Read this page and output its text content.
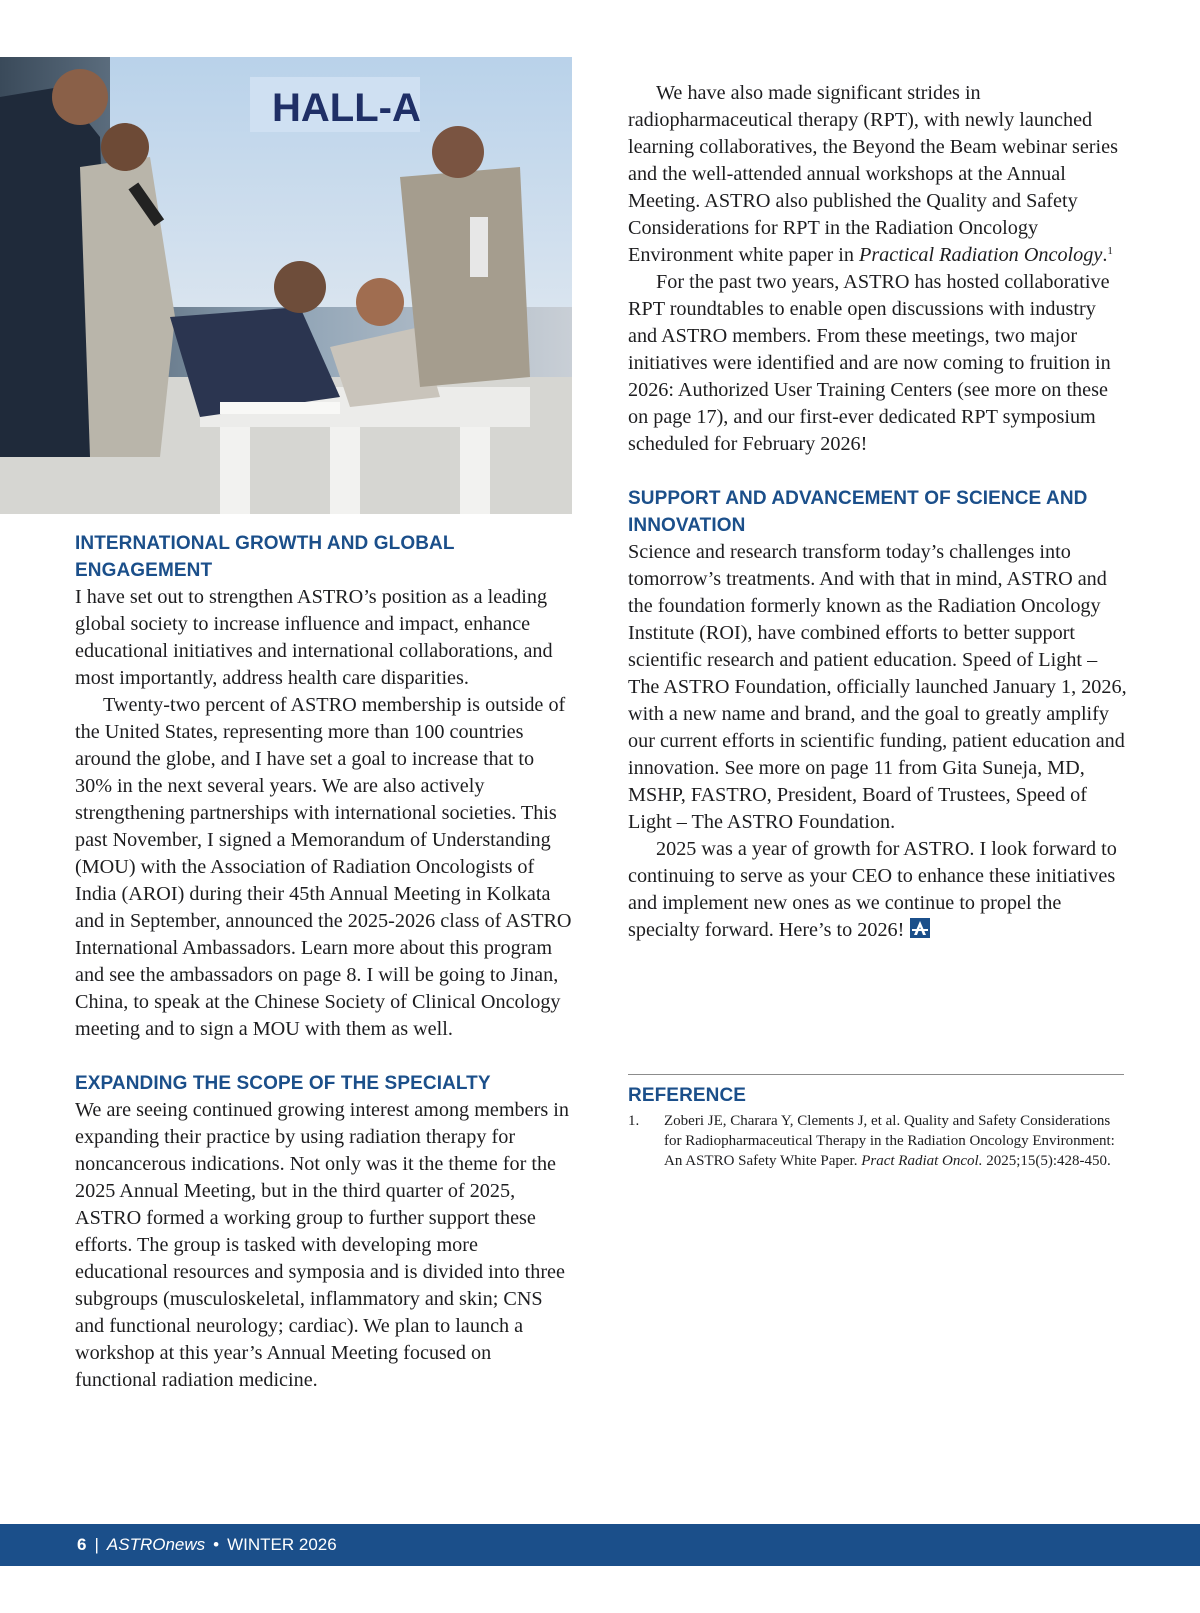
HALL-A
INTERNATIONAL GROWTH AND GLOBAL ENGAGEMENT

I have set out to strengthen ASTRO’s position as a leading global society to increase influence and impact, enhance educational initiatives and international collaborations, and most importantly, address health care disparities.

Twenty-two percent of ASTRO membership is outside of the United States, representing more than 100 countries around the globe, and I have set a goal to increase that to 30% in the next several years. We are also actively strengthening partnerships with international societies. This past November, I signed a Memorandum of Understanding (MOU) with the Association of Radiation Oncologists of India (AROI) during their 45th Annual Meeting in Kolkata and in September, announced the 2025-2026 class of ASTRO International Ambassadors. Learn more about this program and see the ambassadors on page 8. I will be going to Jinan, China, to speak at the Chinese Society of Clinical Oncology meeting and to sign a MOU with them as well.

EXPANDING THE SCOPE OF THE SPECIALTY

We are seeing continued growing interest among members in expanding their practice by using radiation therapy for noncancerous indications. Not only was it the theme for the 2025 Annual Meeting, but in the third quarter of 2025, ASTRO formed a working group to further support these efforts. The group is tasked with developing more educational resources and symposia and is divided into three subgroups (musculoskeletal, inflammatory and skin; CNS and functional neurology; cardiac). We plan to launch a workshop at this year’s Annual Meeting focused on functional radiation medicine.

We have also made significant strides in radiopharmaceutical therapy (RPT), with newly launched learning collaboratives, the Beyond the Beam webinar series and the well-attended annual workshops at the Annual Meeting. ASTRO also published the Quality and Safety Considerations for RPT in the Radiation Oncology Environment white paper in Practical Radiation Oncology.$^1$

For the past two years, ASTRO has hosted collaborative RPT roundtables to enable open discussions with industry and ASTRO members. From these meetings, two major initiatives were identified and are now coming to fruition in 2026: Authorized User Training Centers (see more on these on page 17), and our first-ever dedicated RPT symposium scheduled for February 2026!

SUPPORT AND ADVANCEMENT OF SCIENCE AND INNOVATION

Science and research transform today’s challenges into tomorrow’s treatments. And with that in mind, ASTRO and the foundation formerly known as the Radiation Oncology Institute (ROI), have combined efforts to better support scientific research and patient education. Speed of Light – The ASTRO Foundation, officially launched January 1, 2026, with a new name and brand, and the goal to greatly amplify our current efforts in scientific funding, patient education and innovation. See more on page 11 from Gita Suneja, MD, MSHP, FASTRO, President, Board of Trustees, Speed of Light – The ASTRO Foundation.

2025 was a year of growth for ASTRO. I look forward to continuing to serve as your CEO to enhance these initiatives and implement new ones as we continue to propel the specialty forward. Here’s to 2026!

REFERENCE
1.	Zoberi JE, Charara Y, Clements J, et al. Quality and Safety Considerations for Radiopharmaceutical Therapy in the Radiation Oncology Environment: An ASTRO Safety White Paper. Pract Radiat Oncol. 2025;15(5):428-450.
6 | ASTROnews • WINTER 2026
